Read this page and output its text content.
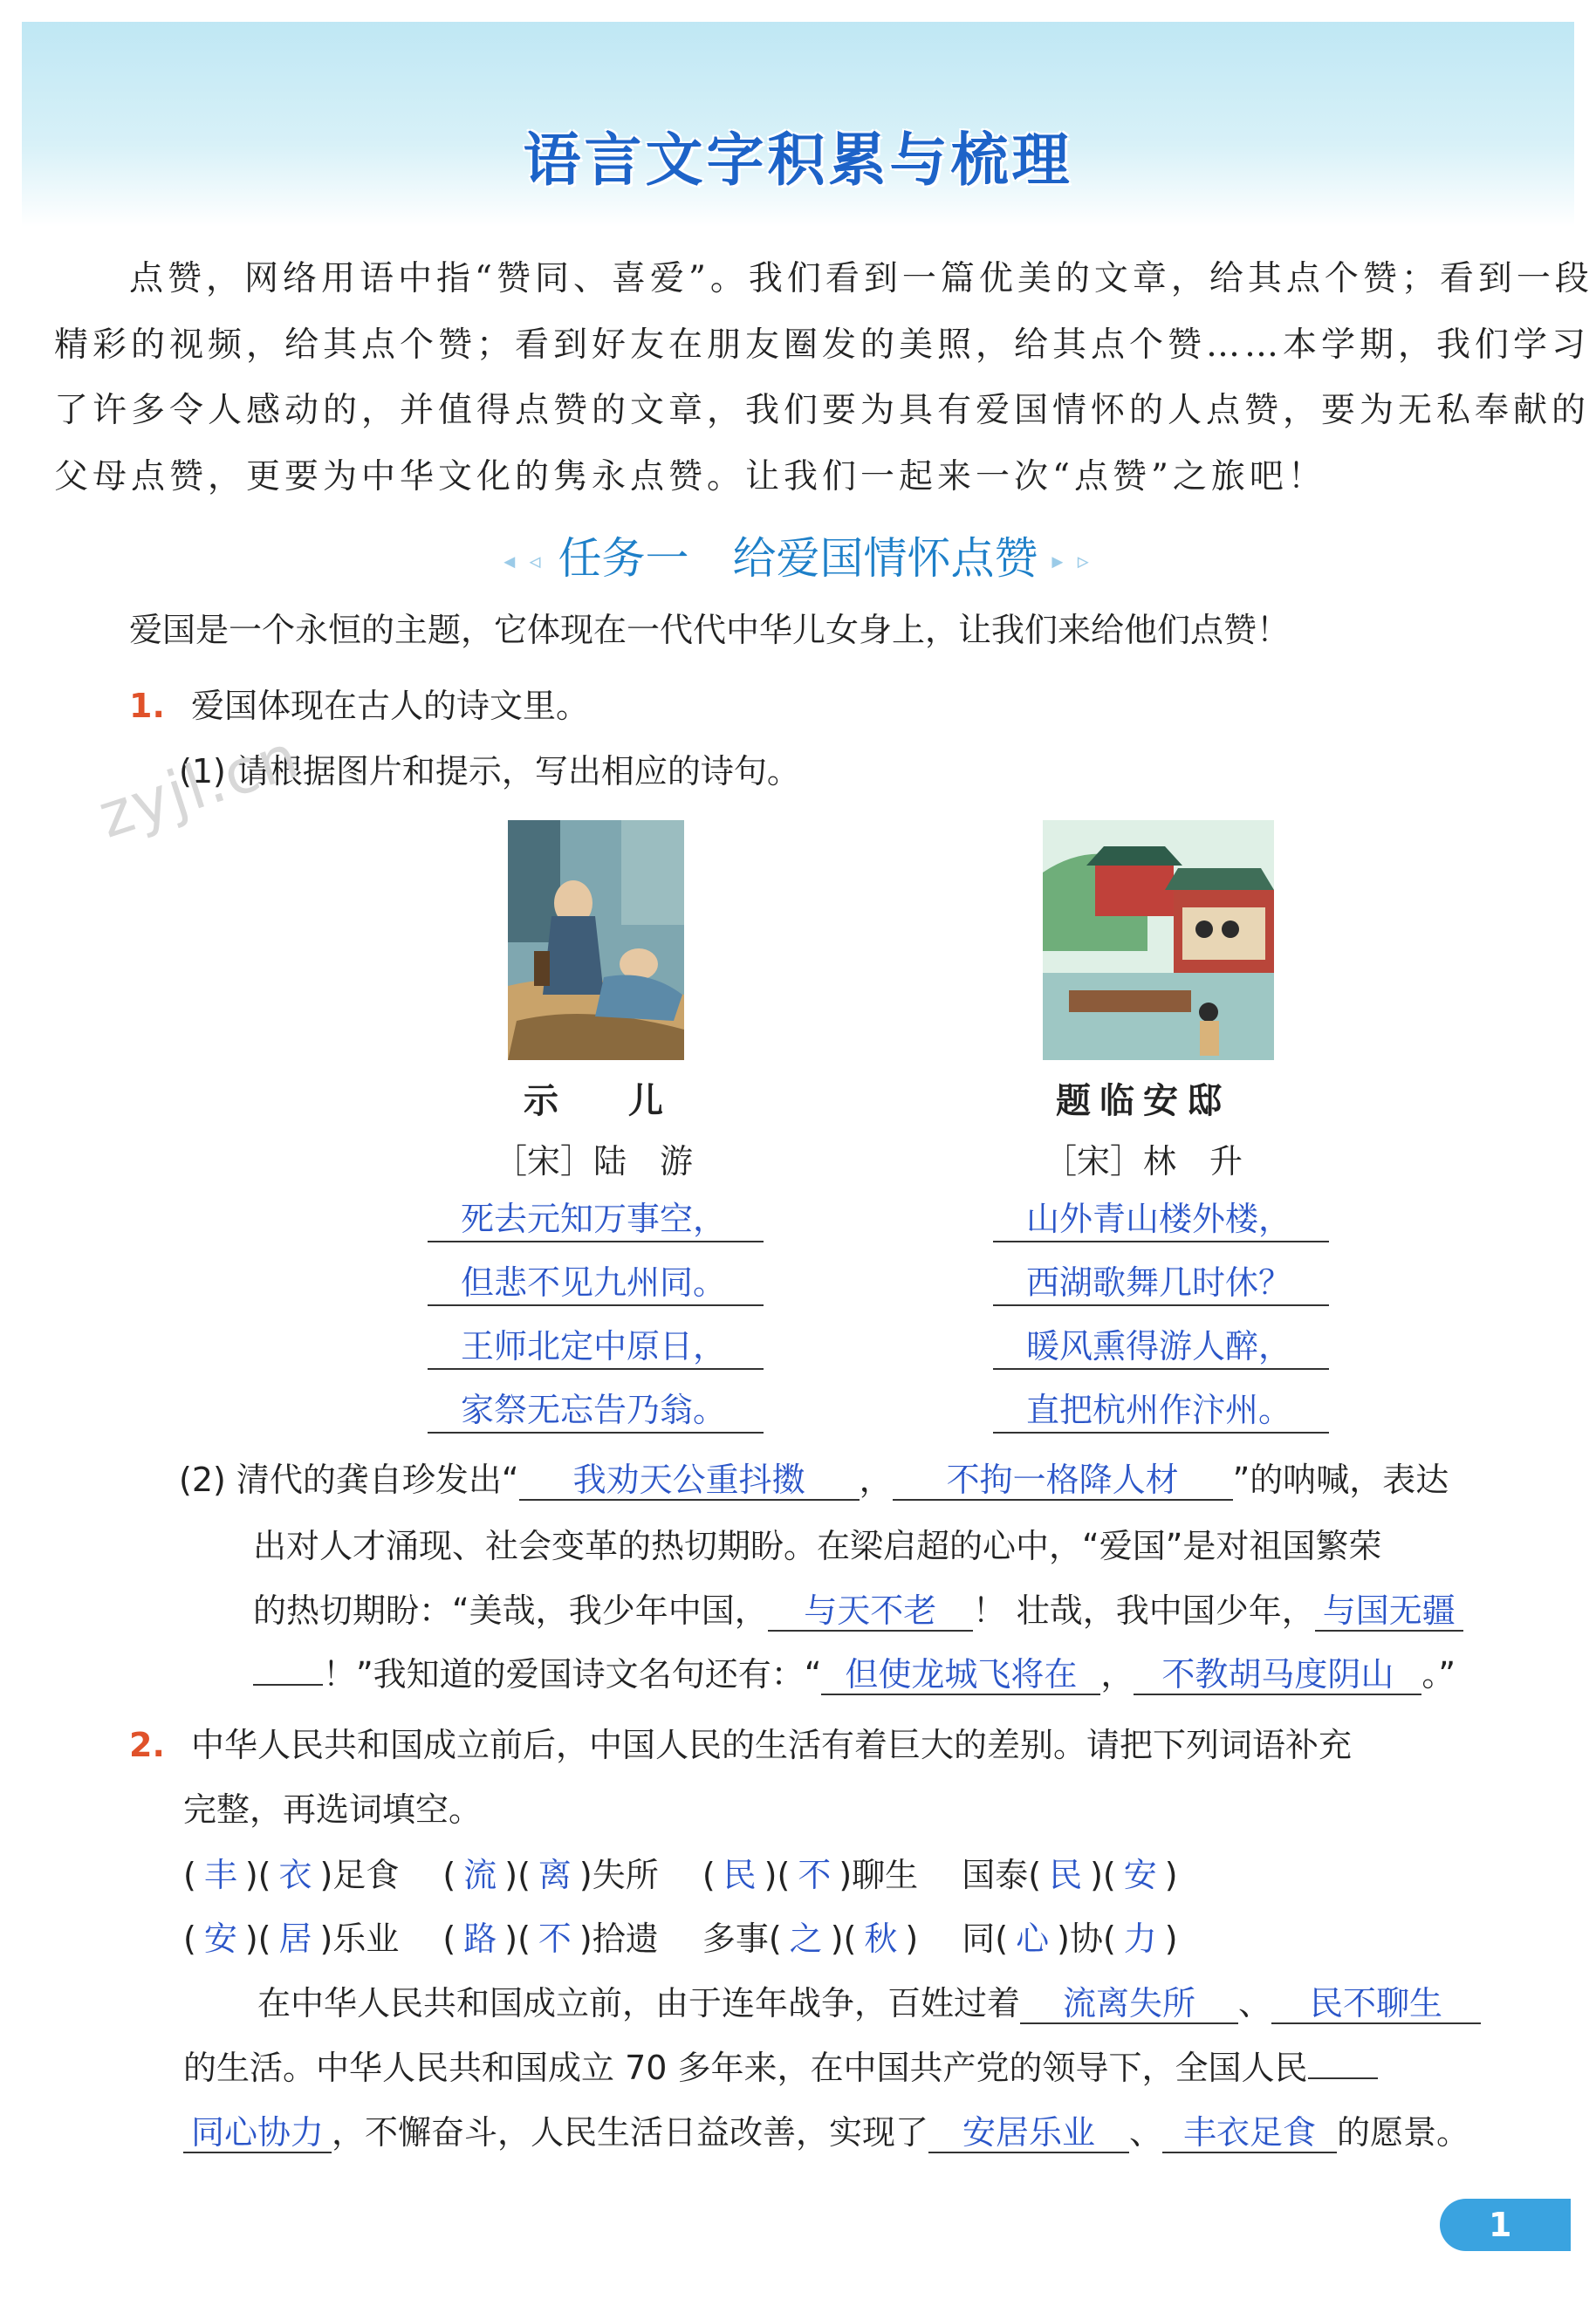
语言文字积累与梳理
点赞，网络用语中指“赞同、喜爱”。我们看到一篇优美的文章，给其点个赞；看到一段
精彩的视频，给其点个赞；看到好友在朋友圈发的美照，给其点个赞……本学期，我们学习
了许多令人感动的，并值得点赞的文章，我们要为具有爱国情怀的人点赞，要为无私奉献的
父母点赞，更要为中华文化的隽永点赞。让我们一起来一次“点赞”之旅吧！
◂ ◃ 任务一　给爱国情怀点赞 ▸ ▹
爱国是一个永恒的主题，它体现在一代代中华儿女身上，让我们来给他们点赞！
1. 爱国体现在古人的诗文里。
(1) 请根据图片和提示，写出相应的诗句。
zyjl.cn
示　　儿
［宋］陆　游
死去元知万事空，
但悲不见九州同。
王师北定中原日，
家祭无忘告乃翁。
题临安邸
［宋］林　升
山外青山楼外楼，
西湖歌舞几时休？
暖风熏得游人醉，
直把杭州作汴州。
(2) 清代的龚自珍发出“ 我劝天公重抖擞 ， 不拘一格降人材 ”的呐喊，表达
出对人才涌现、社会变革的热切期盼。在梁启超的心中，“爱国”是对祖国繁荣
的热切期盼：“美哉，我少年中国， 与天不老 ！ 壮哉，我中国少年， 与国无疆
！”我知道的爱国诗文名句还有：“ 但使龙城飞将在 ， 不教胡马度阴山 。”
2. 中华人民共和国成立前后，中国人民的生活有着巨大的差别。请把下列词语补充
完整，再选词填空。
( 丰 )( 衣 )足食 ( 流 )( 离 )失所 ( 民 )( 不 )聊生 国泰( 民 )( 安 )
( 安 )( 居 )乐业 ( 路 )( 不 )拾遗 多事( 之 )( 秋 ) 同( 心 )协( 力 )
在中华人民共和国成立前，由于连年战争，百姓过着 流离失所 、 民不聊生
的生活。中华人民共和国成立 70 多年来，在中国共产党的领导下，全国人民
同心协力 ，不懈奋斗，人民生活日益改善，实现了 安居乐业 、 丰衣足食 的愿景。
1
